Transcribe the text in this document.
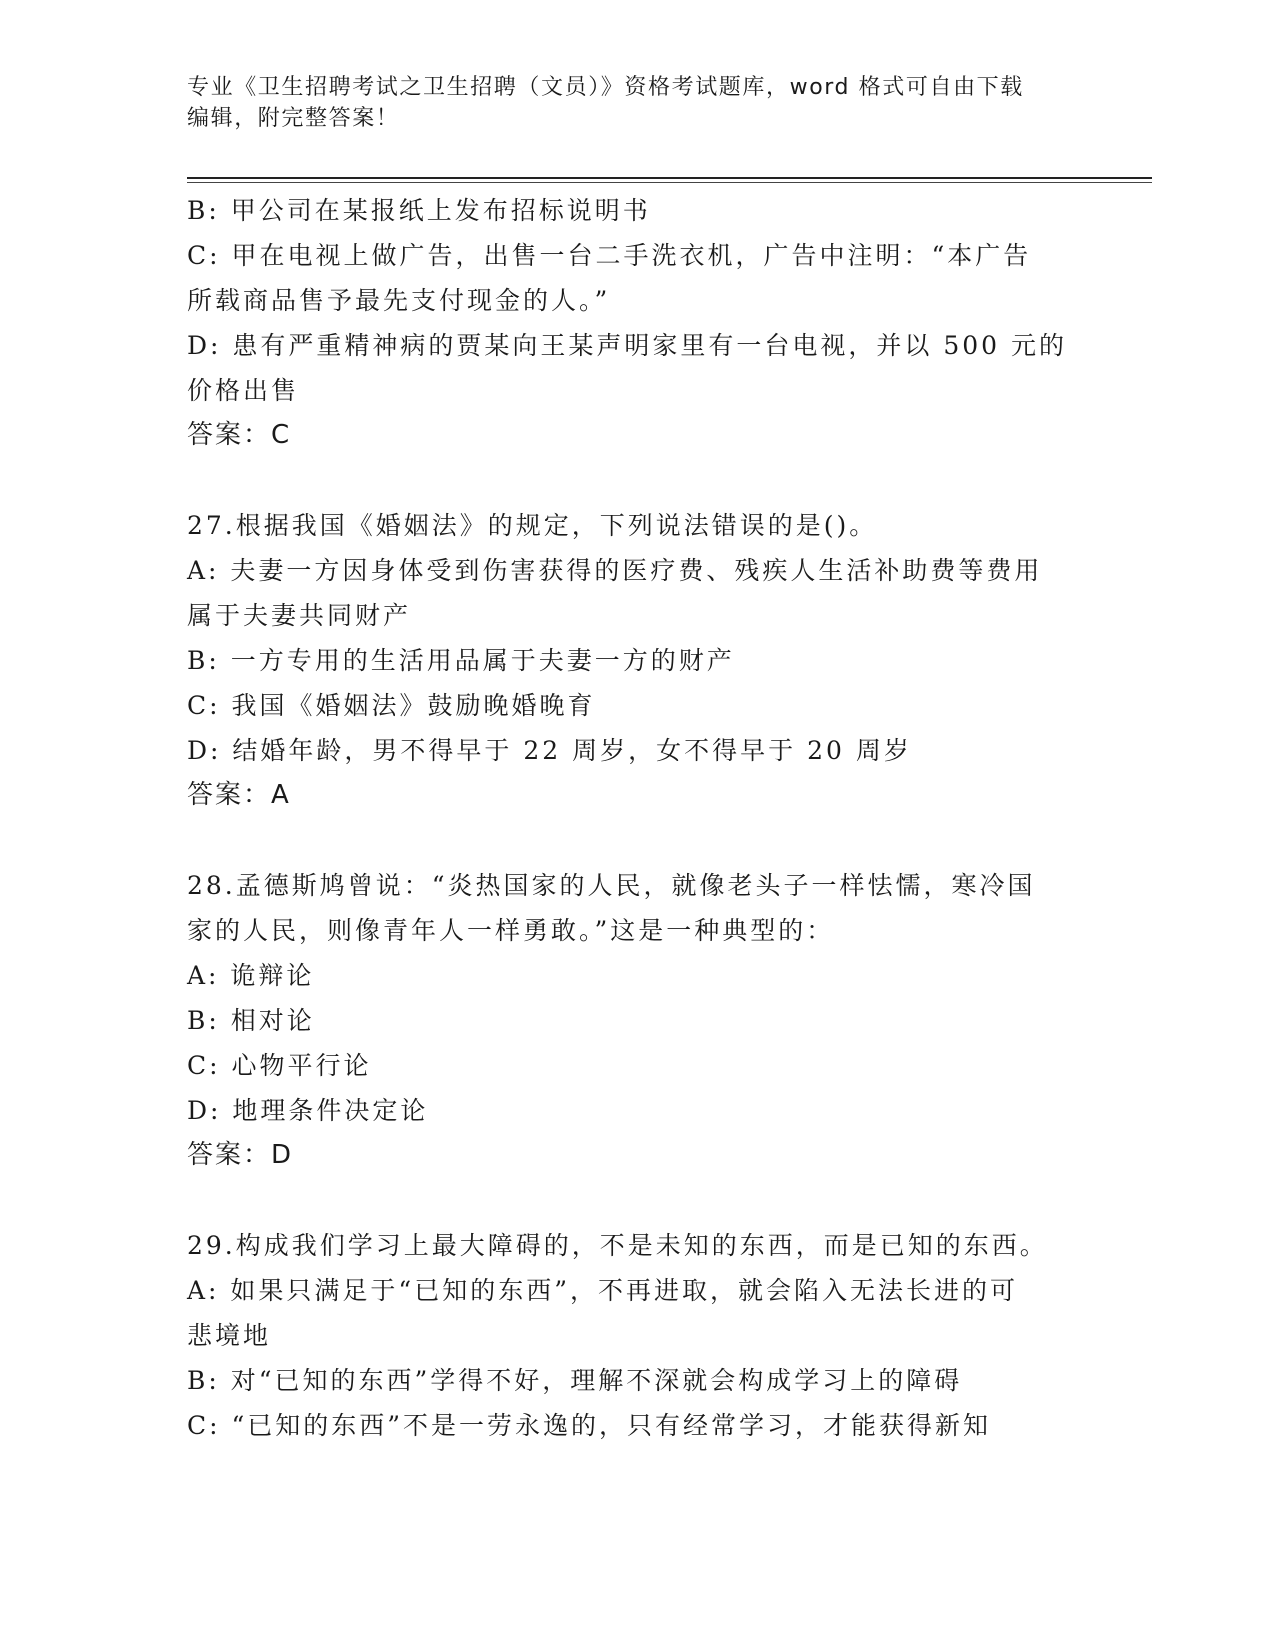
专业《卫生招聘考试之卫生招聘（文员）》资格考试题库，word 格式可自由下载
编辑，附完整答案！
B: 甲公司在某报纸上发布招标说明书
C: 甲在电视上做广告，出售一台二手洗衣机，广告中注明：“本广告
所载商品售予最先支付现金的人。”
D: 患有严重精神病的贾某向王某声明家里有一台电视，并以 500 元的
价格出售
答案：C
27.根据我国《婚姻法》的规定，下列说法错误的是()。
A: 夫妻一方因身体受到伤害获得的医疗费、残疾人生活补助费等费用
属于夫妻共同财产
B: 一方专用的生活用品属于夫妻一方的财产
C: 我国《婚姻法》鼓励晚婚晚育
D: 结婚年龄，男不得早于 22 周岁，女不得早于 20 周岁
答案：A
28.孟德斯鸠曾说：“炎热国家的人民，就像老头子一样怯懦，寒冷国
家的人民，则像青年人一样勇敢。”这是一种典型的：
A: 诡辩论
B: 相对论
C: 心物平行论
D: 地理条件决定论
答案：D
29.构成我们学习上最大障碍的，不是未知的东西，而是已知的东西。
A: 如果只满足于“已知的东西”，不再进取，就会陷入无法长进的可
悲境地
B: 对“已知的东西”学得不好，理解不深就会构成学习上的障碍
C: “已知的东西”不是一劳永逸的，只有经常学习，才能获得新知
